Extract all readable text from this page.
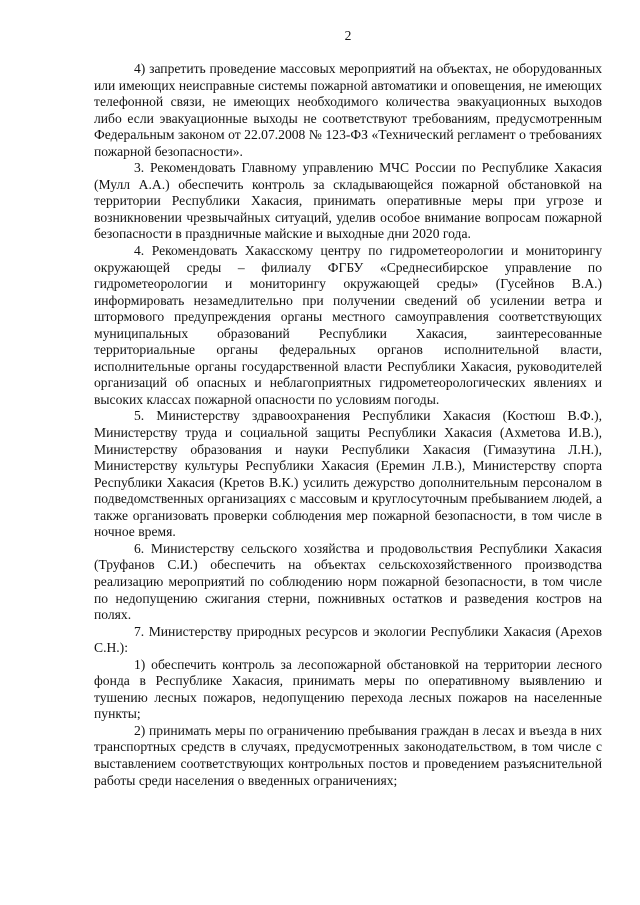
2

4) запретить проведение массовых мероприятий на объектах, не оборудованных или имеющих неисправные системы пожарной автоматики и оповещения, не имеющих телефонной связи, не имеющих необходимого количества эвакуационных выходов либо если эвакуационные выходы не соответствуют требованиям, предусмотренным Федеральным законом от 22.07.2008 № 123-ФЗ «Технический регламент о требованиях пожарной безопасности».

3. Рекомендовать Главному управлению МЧС России по Республике Хакасия (Мулл А.А.) обеспечить контроль за складывающейся пожарной обстановкой на территории Республики Хакасия, принимать оперативные меры при угрозе и возникновении чрезвычайных ситуаций, уделив особое внимание вопросам пожарной безопасности в праздничные майские и выходные дни 2020 года.

4. Рекомендовать Хакасскому центру по гидрометеорологии и мониторингу окружающей среды – филиалу ФГБУ «Среднесибирское управление по гидрометеорологии и мониторингу окружающей среды» (Гусейнов В.А.) информировать незамедлительно при получении сведений об усилении ветра и штормового предупреждения органы местного самоуправления соответствующих муниципальных образований Республики Хакасия, заинтересованные территориальные органы федеральных органов исполнительной власти, исполнительные органы государственной власти Республики Хакасия, руководителей организаций об опасных и неблагоприятных гидрометеорологических явлениях и высоких классах пожарной опасности по условиям погоды.

5. Министерству здравоохранения Республики Хакасия (Костюш В.Ф.), Министерству труда и социальной защиты Республики Хакасия (Ахметова И.В.), Министерству образования и науки Республики Хакасия (Гимазутина Л.Н.), Министерству культуры Республики Хакасия (Еремин Л.В.), Министерству спорта Республики Хакасия (Кретов В.К.) усилить дежурство дополнительным персоналом в подведомственных организациях с массовым и круглосуточным пребыванием людей, а также организовать проверки соблюдения мер пожарной безопасности, в том числе в ночное время.

6. Министерству сельского хозяйства и продовольствия Республики Хакасия (Труфанов С.И.) обеспечить на объектах сельскохозяйственного производства реализацию мероприятий по соблюдению норм пожарной безопасности, в том числе по недопущению сжигания стерни, пожнивных остатков и разведения костров на полях.

7. Министерству природных ресурсов и экологии Республики Хакасия (Арехов С.Н.):

1) обеспечить контроль за лесопожарной обстановкой на территории лесного фонда в Республике Хакасия, принимать меры по оперативному выявлению и тушению лесных пожаров, недопущению перехода лесных пожаров на населенные пункты;

2) принимать меры по ограничению пребывания граждан в лесах и въезда в них транспортных средств в случаях, предусмотренных законодательством, в том числе с выставлением соответствующих контрольных постов и проведением разъяснительной работы среди населения о введенных ограничениях;
